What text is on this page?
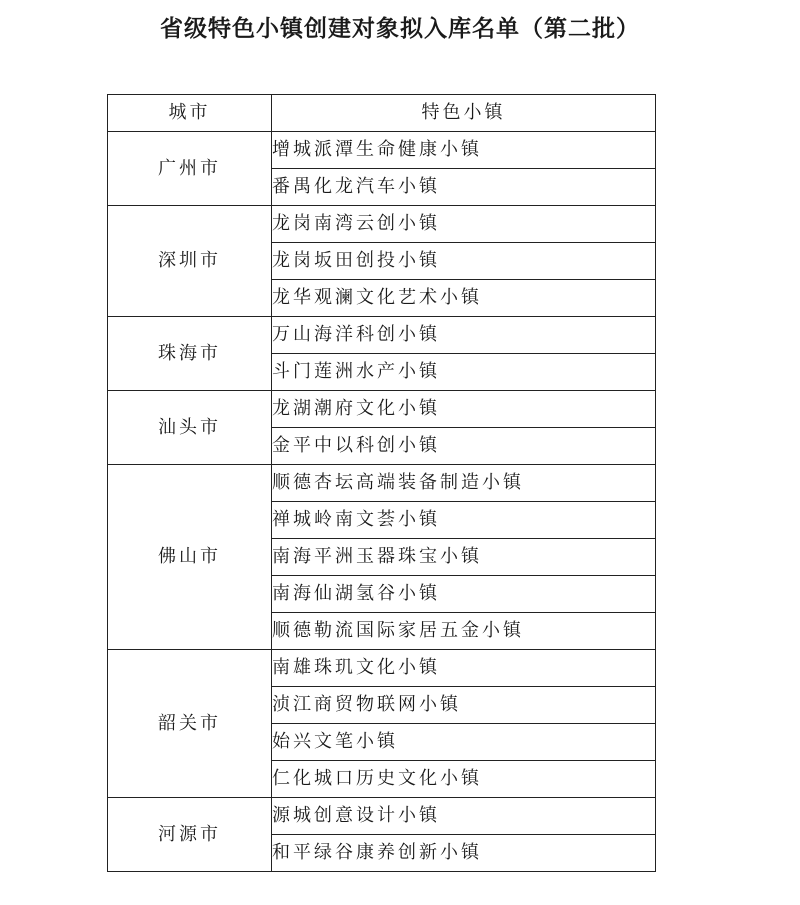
省级特色小镇创建对象拟入库名单（第二批）
城市	特色小镇
广州市	增城派潭生命健康小镇
	番禺化龙汽车小镇
深圳市	龙岗南湾云创小镇
	龙岗坂田创投小镇
	龙华观澜文化艺术小镇
珠海市	万山海洋科创小镇
	斗门莲洲水产小镇
汕头市	龙湖潮府文化小镇
	金平中以科创小镇
佛山市	顺德杏坛高端装备制造小镇
	禅城岭南文荟小镇
	南海平洲玉器珠宝小镇
	南海仙湖氢谷小镇
	顺德勒流国际家居五金小镇
韶关市	南雄珠玑文化小镇
	浈江商贸物联网小镇
	始兴文笔小镇
	仁化城口历史文化小镇
河源市	源城创意设计小镇
	和平绿谷康养创新小镇
